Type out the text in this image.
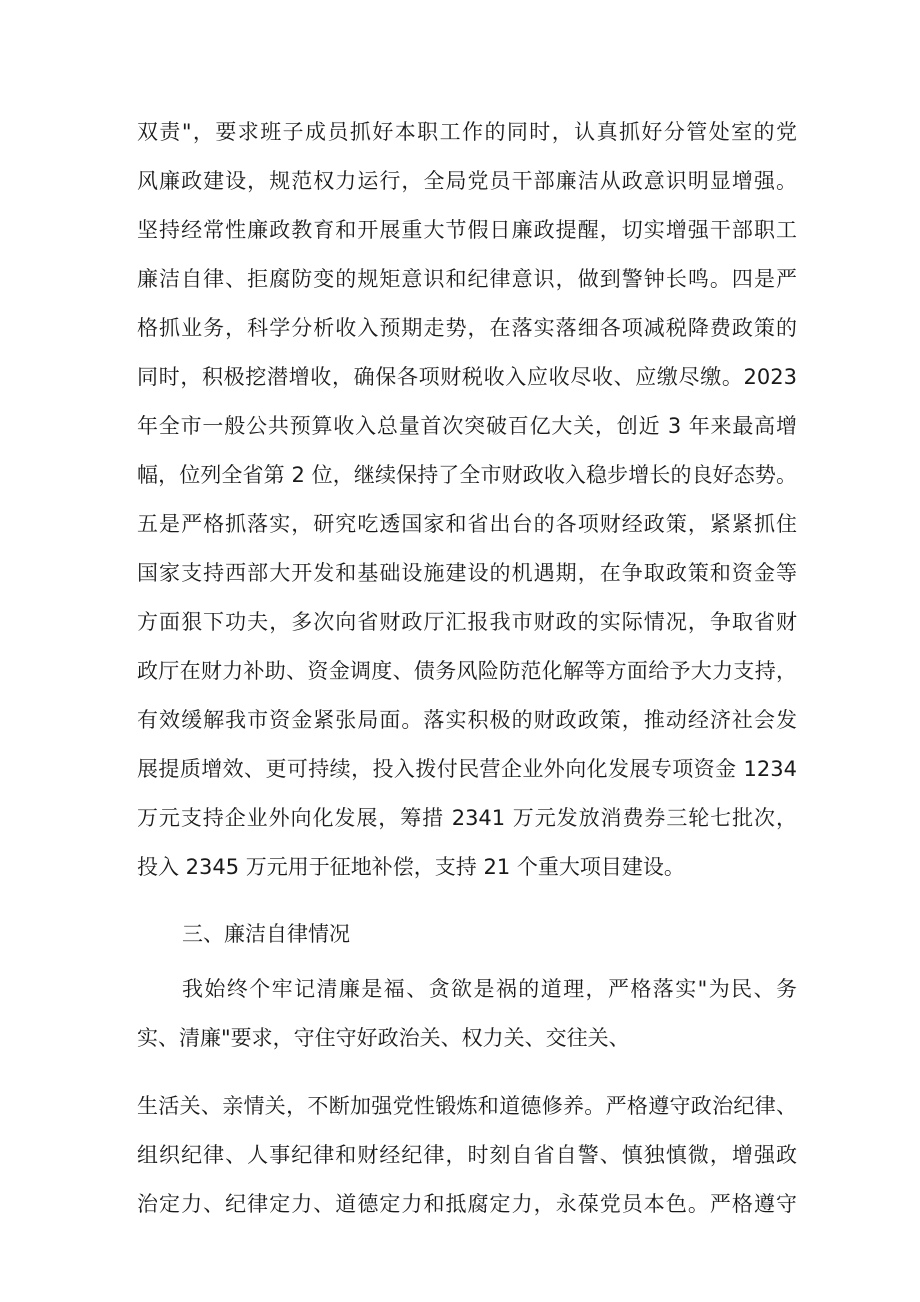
双责"，要求班子成员抓好本职工作的同时，认真抓好分管处室的党
风廉政建设，规范权力运行，全局党员干部廉洁从政意识明显增强。
坚持经常性廉政教育和开展重大节假日廉政提醒，切实增强干部职工
廉洁自律、拒腐防变的规矩意识和纪律意识，做到警钟长鸣。四是严
格抓业务，科学分析收入预期走势，在落实落细各项减税降费政策的
同时，积极挖潜增收，确保各项财税收入应收尽收、应缴尽缴。2023
年全市一般公共预算收入总量首次突破百亿大关，创近 3 年来最高增
幅，位列全省第 2 位，继续保持了全市财政收入稳步增长的良好态势。
五是严格抓落实，研究吃透国家和省出台的各项财经政策，紧紧抓住
国家支持西部大开发和基础设施建设的机遇期，在争取政策和资金等
方面狠下功夫，多次向省财政厅汇报我市财政的实际情况，争取省财
政厅在财力补助、资金调度、债务风险防范化解等方面给予大力支持，
有效缓解我市资金紧张局面。落实积极的财政政策，推动经济社会发
展提质增效、更可持续，投入拨付民营企业外向化发展专项资金 1234
万元支持企业外向化发展，筹措 2341 万元发放消费券三轮七批次，
投入 2345 万元用于征地补偿，支持 21 个重大项目建设。
三、廉洁自律情况
我始终个牢记清廉是福、贪欲是祸的道理，严格落实"为民、务
实、清廉"要求，守住守好政治关、权力关、交往关、
生活关、亲情关，不断加强党性锻炼和道德修养。严格遵守政治纪律、
组织纪律、人事纪律和财经纪律，时刻自省自警、慎独慎微，增强政
治定力、纪律定力、道德定力和抵腐定力，永葆党员本色。严格遵守
